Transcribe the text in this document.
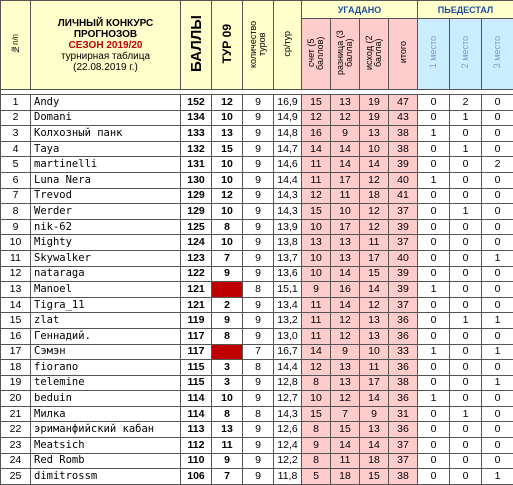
№п/п	ЛИЧНЫЙ КОНКУРС ПРОГНОЗОВ
СЕЗОН 2019/20
турнирная таблица
(22.08.2019 г.)	БАЛЛЫ	ТУР 09	количество туров	ср/тур	УГАДАНО				ПЬЕДЕСТАЛ		
						счет (5 баллов)	разница (3 балла)	исход (2 балла)	итого	1 место	2 место	3 место

1	Andy	152	12	9	16,9	15	13	19	47	0	2	0
2	Domani	134	10	9	14,9	12	12	19	43	0	1	0
3	Колхозный панк	133	13	9	14,8	16	9	13	38	1	0	0
4	Taya	132	15	9	14,7	14	14	10	38	0	1	0
5	martinelli	131	10	9	14,6	11	14	14	39	0	0	2
6	Luna Nera	130	10	9	14,4	11	17	12	40	1	0	0
7	Trevod	129	12	9	14,3	12	11	18	41	0	0	0
8	Werder	129	10	9	14,3	15	10	12	37	0	1	0
9	nik-62	125	8	9	13,9	10	17	12	39	0	0	0
10	Mighty	124	10	9	13,8	13	13	11	37	0	0	0
11	Skywalker	123	7	9	13,7	10	13	17	40	0	0	1
12	nataraga	122	9	9	13,6	10	14	15	39	0	0	0
13	Manoel	121		8	15,1	9	16	14	39	1	0	0
14	Tigra_11	121	2	9	13,4	11	14	12	37	0	0	0
15	zlat	119	9	9	13,2	11	12	13	36	0	1	1
16	Геннадий.	117	8	9	13,0	11	12	13	36	0	0	0
17	Сэмэн	117		7	16,7	14	9	10	33	1	0	1
18	fiorano	115	3	8	14,4	12	13	11	36	0	0	0
19	telemine	115	3	9	12,8	8	13	17	38	0	0	1
20	beduin	114	10	9	12,7	10	12	14	36	1	0	0
21	Милка	114	8	8	14,3	15	7	9	31	0	1	0
22	эриманфийский кабан	113	13	9	12,6	8	15	13	36	0	0	0
23	Meatsich	112	11	9	12,4	9	14	14	37	0	0	0
24	Red Romb	110	9	9	12,2	8	11	18	37	0	0	0
25	dimitrossm	106	7	9	11,8	5	18	15	38	0	0	1
